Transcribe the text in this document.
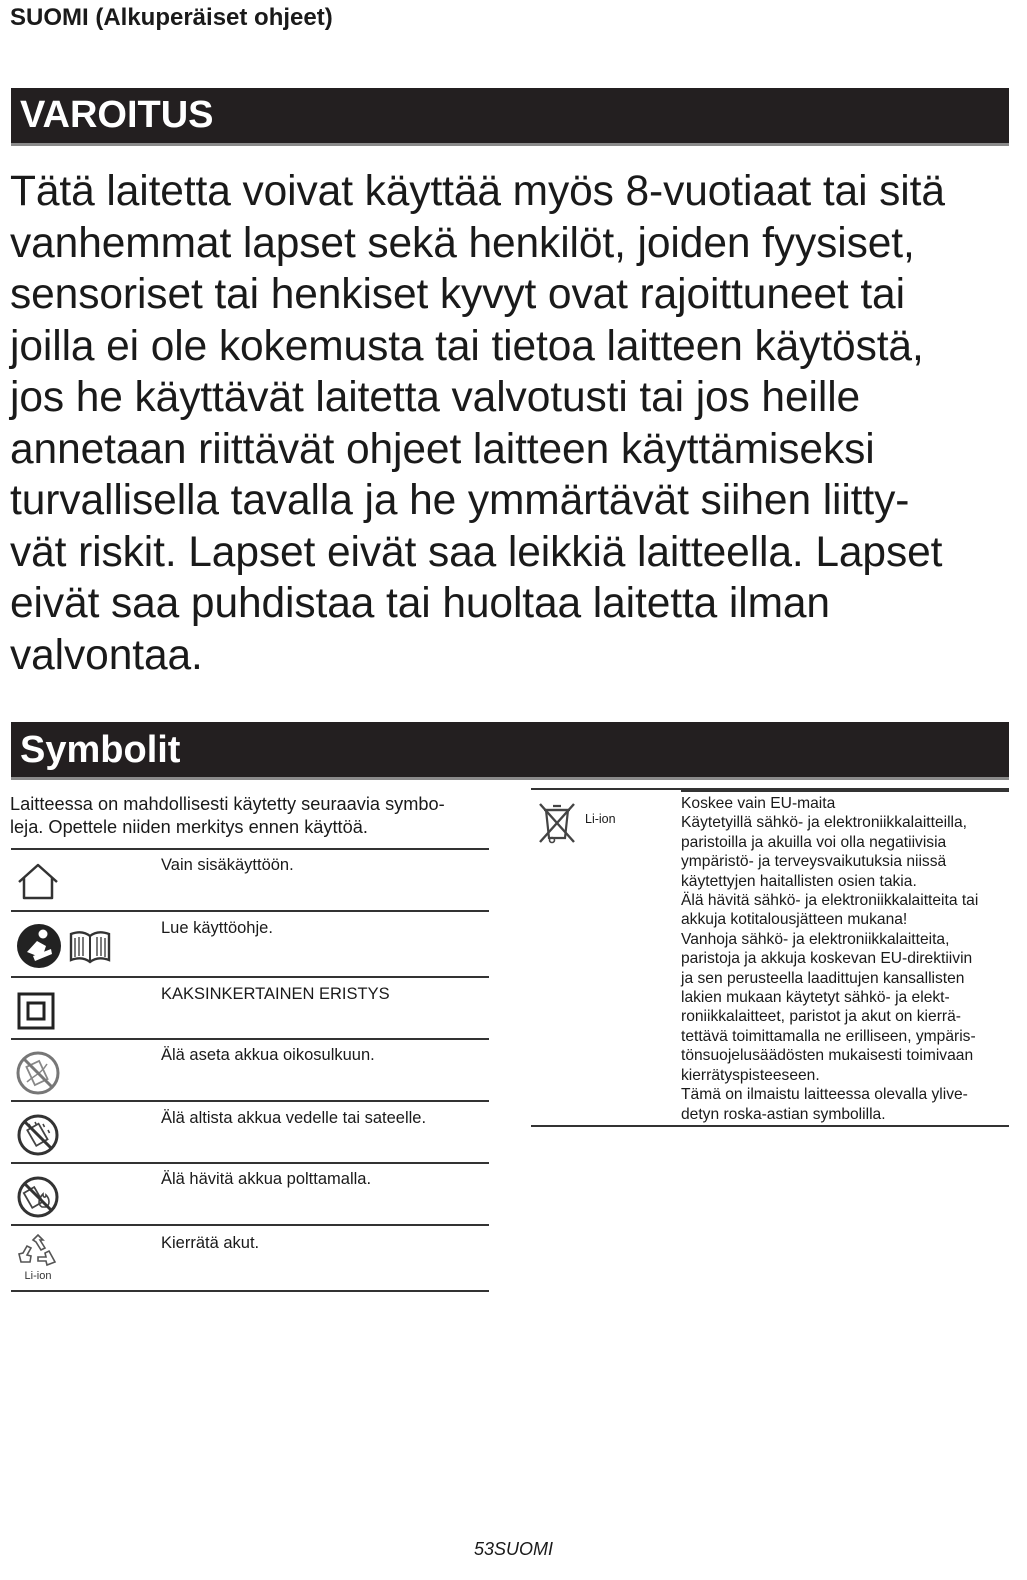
SUOMI (Alkuperäiset ohjeet)
VAROITUS
Tätä laitetta voivat käyttää myös 8-vuotiaat tai sitä
vanhemmat lapset sekä henkilöt, joiden fyysiset,
sensoriset tai henkiset kyvyt ovat rajoittuneet tai
joilla ei ole kokemusta tai tietoa laitteen käytöstä,
jos he käyttävät laitetta valvotusti tai jos heille
annetaan riittävät ohjeet laitteen käyttämiseksi
turvallisella tavalla ja he ymmärtävät siihen liitty-
vät riskit. Lapset eivät saa leikkiä laitteella. Lapset
eivät saa puhdistaa tai huoltaa laitetta ilman
valvontaa.
Symbolit
Laitteessa on mahdollisesti käytetty seuraavia symbo-
leja. Opettele niiden merkitys ennen käyttöä.
Vain sisäkäyttöön.
Lue käyttöohje.
KAKSINKERTAINEN ERISTYS
Älä aseta akkua oikosulkuun.
Älä altista akkua vedelle tai sateelle.
Älä hävitä akkua polttamalla.
Li-ion
Kierrätä akut.
Li-ion
Koskee vain EU-maita
Käytetyillä sähkö- ja elektroniikkalaitteilla,
paristoilla ja akuilla voi olla negatiivisia
ympäristö- ja terveysvaikutuksia niissä
käytettyjen haitallisten osien takia.
Älä hävitä sähkö- ja elektroniikkalaitteita tai
akkuja kotitalousjätteen mukana!
Vanhoja sähkö- ja elektroniikkalaitteita,
paristoja ja akkuja koskevan EU-direktiivin
ja sen perusteella laadittujen kansallisten
lakien mukaan käytetyt sähkö- ja elekt-
roniikkalaitteet, paristot ja akut on kierrä-
tettävä toimittamalla ne erilliseen, ympäris-
tönsuojelusäädösten mukaisesti toimivaan
kierrätyspisteeseen.
Tämä on ilmaistu laitteessa olevalla ylive-
detyn roska-astian symbolilla.
53SUOMI
